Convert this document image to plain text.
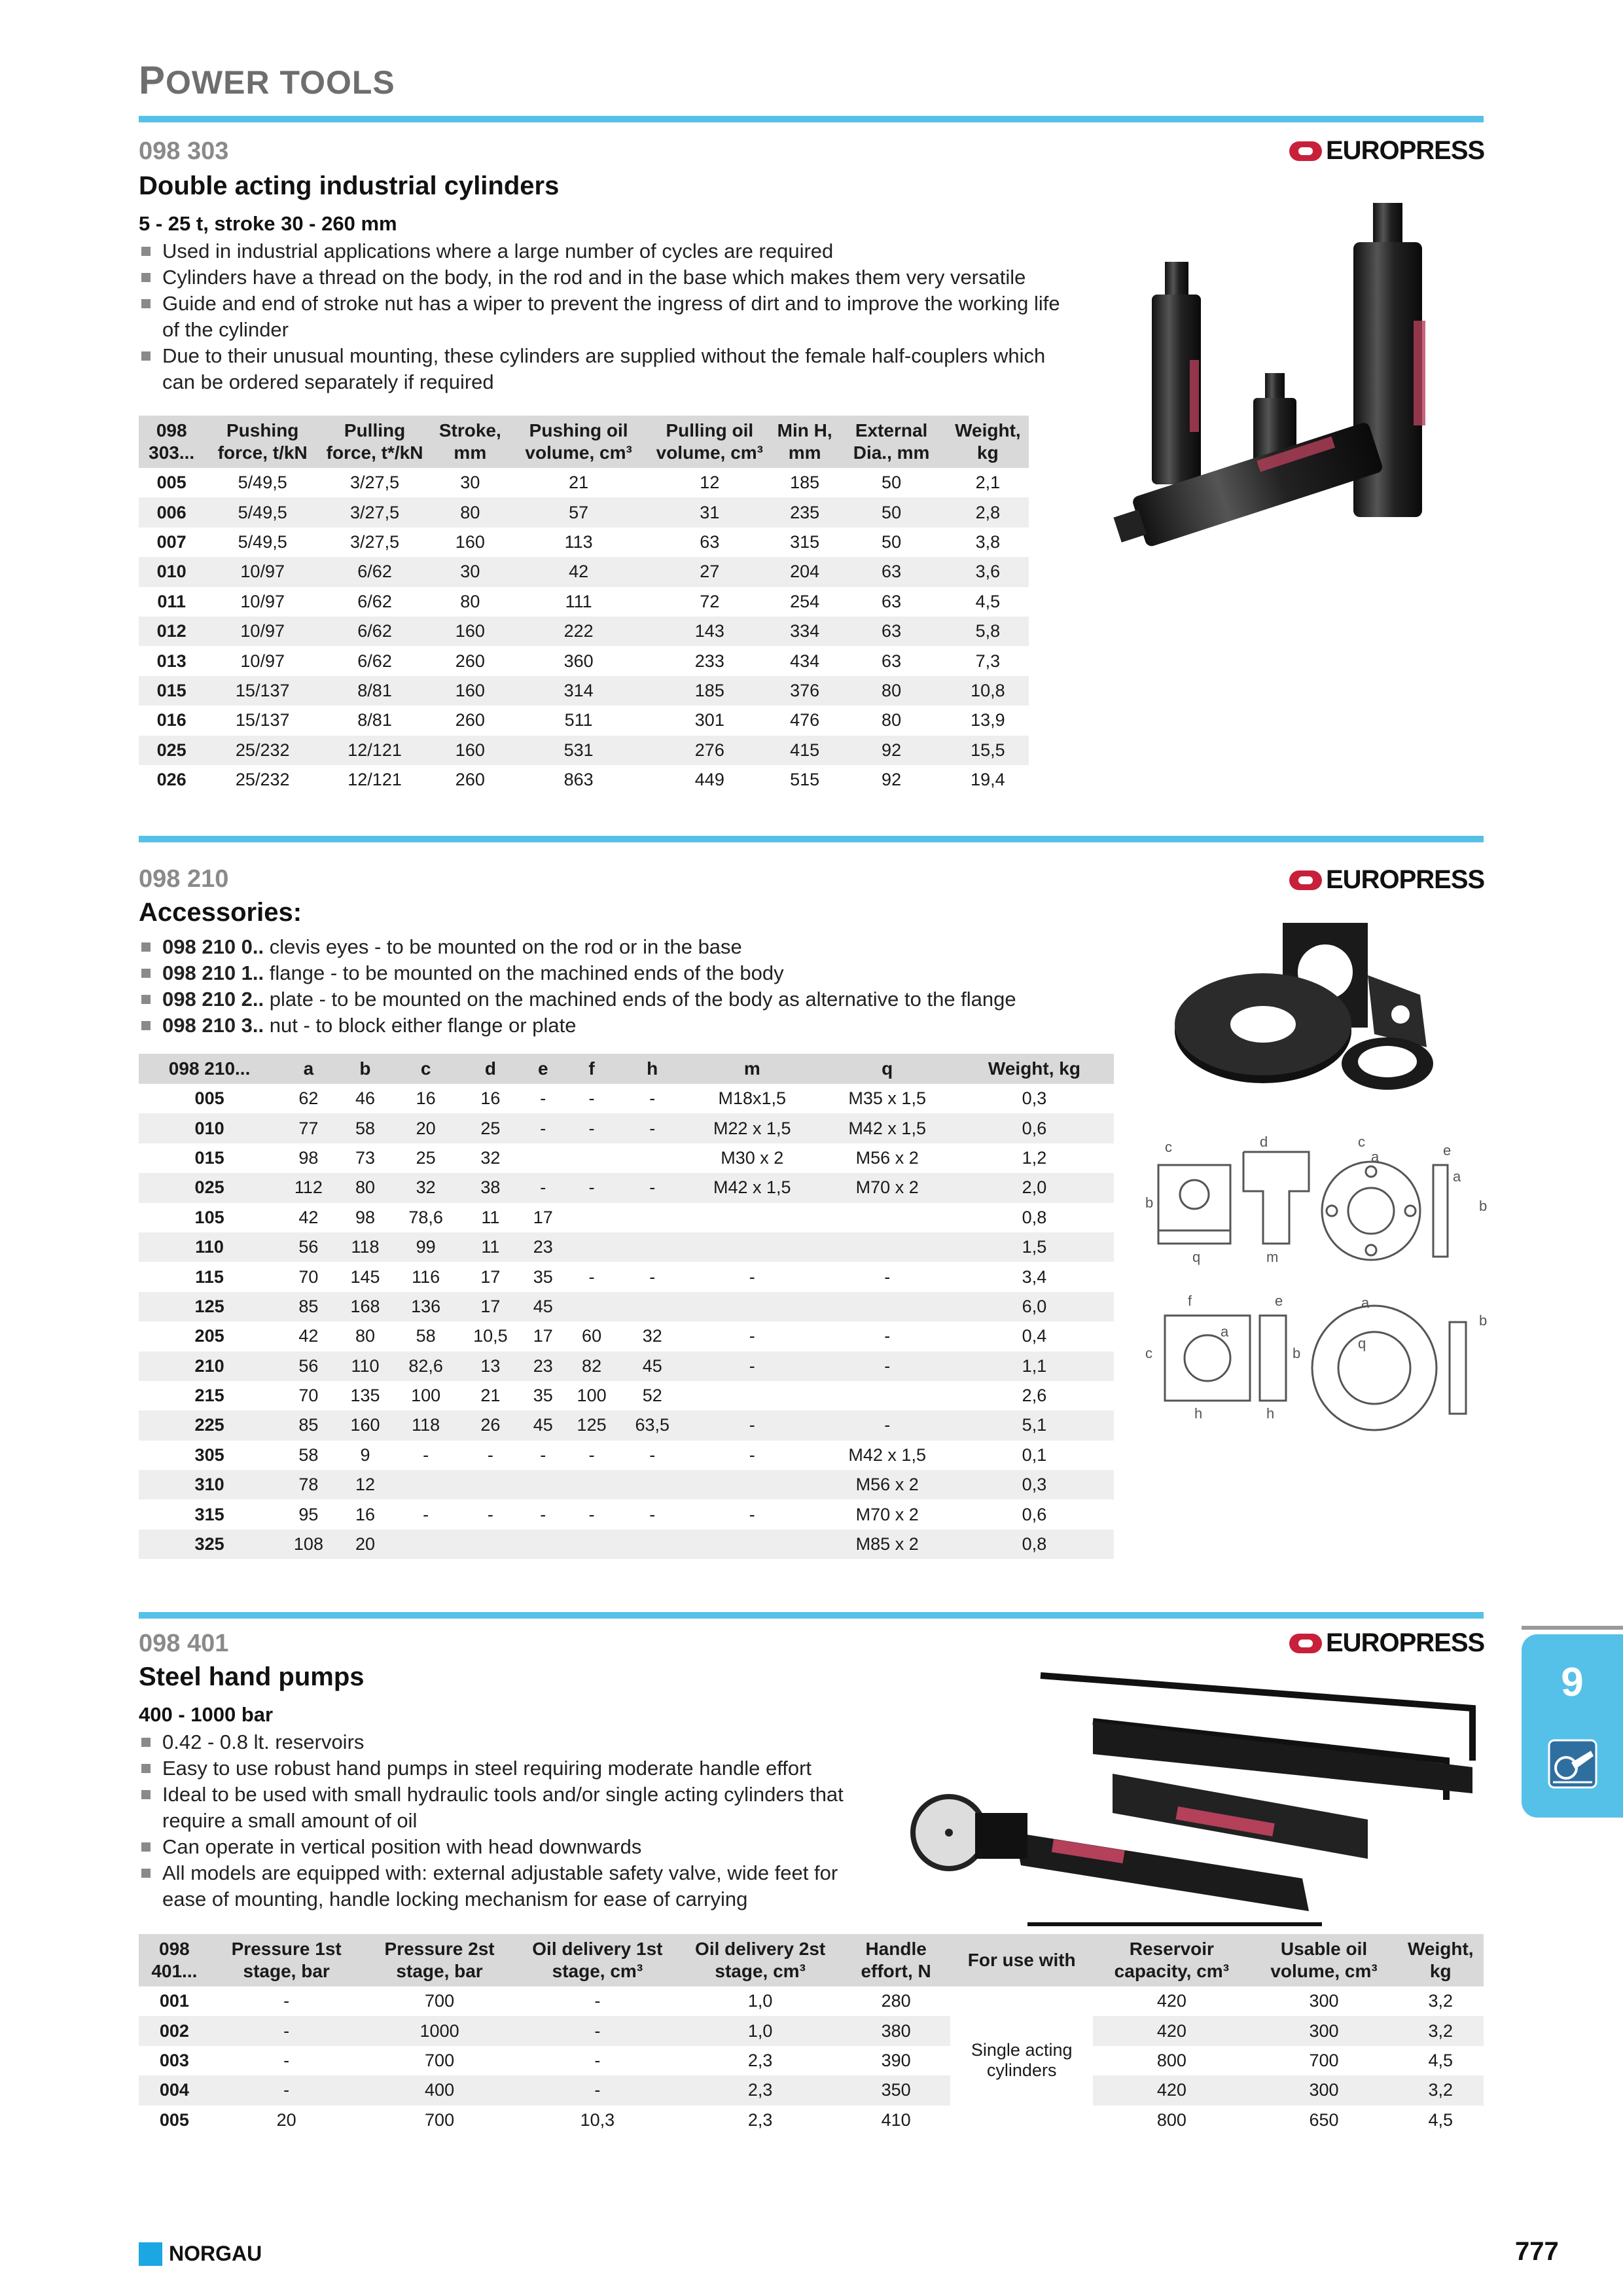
POWER TOOLS
098 303	EUROPRESS
Double acting industrial cylinders
5 - 25 t, stroke 30 - 260 mm
Used in industrial applications where a large number of cycles are required
Cylinders have a thread on the body, in the rod and in the base which makes them very versatile
Guide and end of stroke nut has a wiper to prevent the ingress of dirt and to improve the working life of the cylinder
Due to their unusual mounting, these cylinders are supplied without the female half-couplers which can be ordered separately if required
098 303...	Pushing force, t/kN	Pulling force, t*/kN	Stroke, mm	Pushing oil volume, cm³	Pulling oil volume, cm³	Min H, mm	External Dia., mm	Weight, kg
005	5/49,5	3/27,5	30	21	12	185	50	2,1
006	5/49,5	3/27,5	80	57	31	235	50	2,8
007	5/49,5	3/27,5	160	113	63	315	50	3,8
010	10/97	6/62	30	42	27	204	63	3,6
011	10/97	6/62	80	111	72	254	63	4,5
012	10/97	6/62	160	222	143	334	63	5,8
013	10/97	6/62	260	360	233	434	63	7,3
015	15/137	8/81	160	314	185	376	80	10,8
016	15/137	8/81	260	511	301	476	80	13,9
025	25/232	12/121	160	531	276	415	92	15,5
026	25/232	12/121	260	863	449	515	92	19,4
098 210	EUROPRESS
Accessories:
098 210 0.. clevis eyes - to be mounted on the rod or in the base
098 210 1.. flange - to be mounted on the machined ends of the body
098 210 2.. plate - to be mounted on the machined ends of the body as alternative to the flange
098 210 3.. nut - to block either flange or plate
c	d	c
a	e
a
b	b
q	m
f	e	a
c
a
b
h
q
b
h
098 210...	a	b	c	d	e	f	h	m	q	Weight, kg
005	62	46	16	16	-	-	-	M18x1,5	M35 x 1,5	0,3
010	77	58	20	25	-	-	-	M22 x 1,5	M42 x 1,5	0,6
015	98	73	25	32				M30 x 2	M56 x 2	1,2
025	112	80	32	38	-	-	-	M42 x 1,5	M70 x 2	2,0
105	42	98	78,6	11	17					0,8
110	56	118	99	11	23					1,5
115	70	145	116	17	35	-	-	-	-	3,4
125	85	168	136	17	45					6,0
205	42	80	58	10,5	17	60	32	-	-	0,4
210	56	110	82,6	13	23	82	45	-	-	1,1
215	70	135	100	21	35	100	52			2,6
225	85	160	118	26	45	125	63,5	-	-	5,1
305	58	9	-	-	-	-	-	-	M42 x 1,5	0,1
310	78	12							M56 x 2	0,3
315	95	16	-	-	-	-	-	-	M70 x 2	0,6
325	108	20							M85 x 2	0,8
098 401	EUROPRESS
Steel hand pumps
400 - 1000 bar
0.42 - 0.8 lt. reservoirs
Easy to use robust hand pumps in steel requiring moderate handle effort
Ideal to be used with small hydraulic tools and/or single acting cylinders that require a small amount of oil
Can operate in vertical position with head downwards
All models are equipped with: external adjustable safety valve, wide feet for ease of mounting, handle locking mechanism for ease of carrying
098 401...	Pressure 1st stage, bar	Pressure 2st stage, bar	Oil delivery 1st stage, cm³	Oil delivery 2st stage, cm³	Handle effort, N	For use with	Reservoir capacity, cm³	Usable oil volume, cm³	Weight, kg
001	-	700	-	1,0	280	Single acting cylinders	420	300	3,2
002	-	1000	-	1,0	380		420	300	3,2
003	-	700	-	2,3	390		800	700	4,5
004	-	400	-	2,3	350		420	300	3,2
005	20	700	10,3	2,3	410		800	650	4,5
9
NORGAU	777
